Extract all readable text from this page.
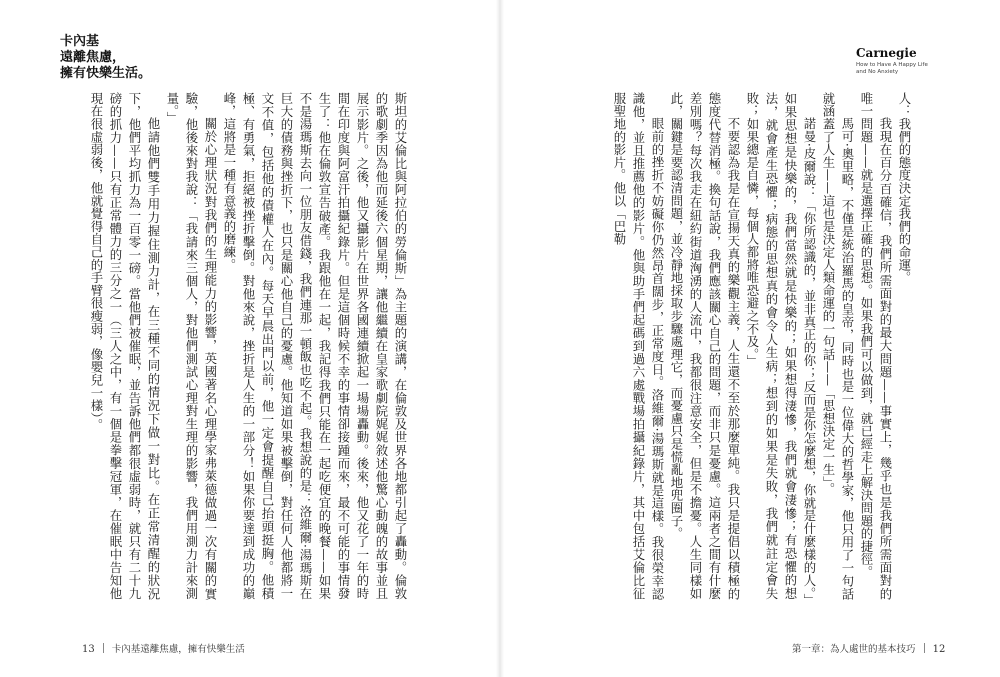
卡內基
遠離焦慮，
擁有快樂生活。

斯坦的艾倫比與阿拉伯的勞倫斯」為主題的演講，在倫敦及世界各地都引起了轟動。倫敦的歌劇季因為他而延後六個星期，讓他繼續在皇家歌劇院娓娓敘述他驚心動魄的故事並且展示影片。之後，他又攝影片在世界各國連續掀起一場場轟動。後來，他又花了一年的時間在印度與阿富汗拍攝紀錄片。但是這個時候不幸的事情卻接踵而來，最不可能的事情發生了：他在倫敦宣告破產。我跟他在一起，我記得我們只能在一起吃便宜的晚餐——如果不是湯瑪斯去向一位朋友借錢，我們連那一頓飯也吃不起。我想說的是：洛維爾·湯瑪斯在巨大的債務與挫折下，也只是關心他自己的憂慮。他知道如果被擊倒，對任何人他都將一文不值，包括他的債權人在內。每天早晨出門以前，他一定會提醒自己抬頭挺胸。他積極、有勇氣，拒絕被挫折擊倒。對他來說，挫折是人生的一部分！如果你要達到成功的巔峰，這將是一種有意義的磨練。

關於心理狀況對我們的生理能力的影響，英國著名心理學家弗萊德做過一次有關的實驗，他後來對我說：「我請來三個人，對他們測試心理對生理的影響，我們用測力計來測量。」

他請他們雙手用力握住測力計，在三種不同的情況下做一對比。在正常清醒的狀況下，他們平均抓力為一百零一磅。當他們被催眠，並告訴他們都很虛弱時，就只有二十九磅的抓力——只有正常體力的三分之一（三人之中，有一個是拳擊冠軍，在催眠中告知他現在很虛弱後，他就覺得自己的手臂很瘦弱，像嬰兒一樣）。

13 卡內基遠離焦慮，擁有快樂生活
Carnegie
How to Have A Happy Life
and No Anxiety

人：我們的態度決定我們的命運。

我現在百分百確信，我們所需面對的最大問題——事實上，幾乎也是我們所需面對的唯一問題——就是選擇正確的思想。如果我們可以做到，就已經走上解決問題的捷徑。

馬可·奧里略，不僅是統治羅馬的皇帝，同時也是一位偉大的哲學家，他只用了一句話就涵蓋了人生——這也是決定人類命運的一句話——「思想決定一生」。

諾曼·皮爾說：「你所認識的，並非真正的你；反而是你怎麼想，你就是什麼樣的人。」如果思想是快樂的，我們當然就是快樂的；如果想得淒慘，我們就會淒慘；有恐懼的想法，就會產生恐懼；病態的思想真的會令人生病；想到的如果是失敗，我們就註定會失敗；如果總是自憐，每個人都將唯恐避之不及。」

不要認為我是在宣揚天真的樂觀主義，人生還不至於那麼單純。我只是提倡以積極的態度代替消極。換句話說，我們應該關心自己的問題，而非只是憂慮。這兩者之間有什麼差別嗎？每次我走在紐約街道洶湧的人流中，我都很注意安全，但是不擔憂。人生同樣如此，關鍵是要認清問題，並冷靜地採取步驟處理它，而憂慮只是慌亂地兜圈子。

眼前的挫折不妨礙你仍然昂首闊步，正常度日。洛維爾·湯瑪斯就是這樣。我很榮幸認識他，並且推薦他的影片。他與助手們起碼到過六處戰場拍攝紀錄片，其中包括艾倫比征服聖地的影片。他以「巴勒

第一章：為人處世的基本技巧 12
